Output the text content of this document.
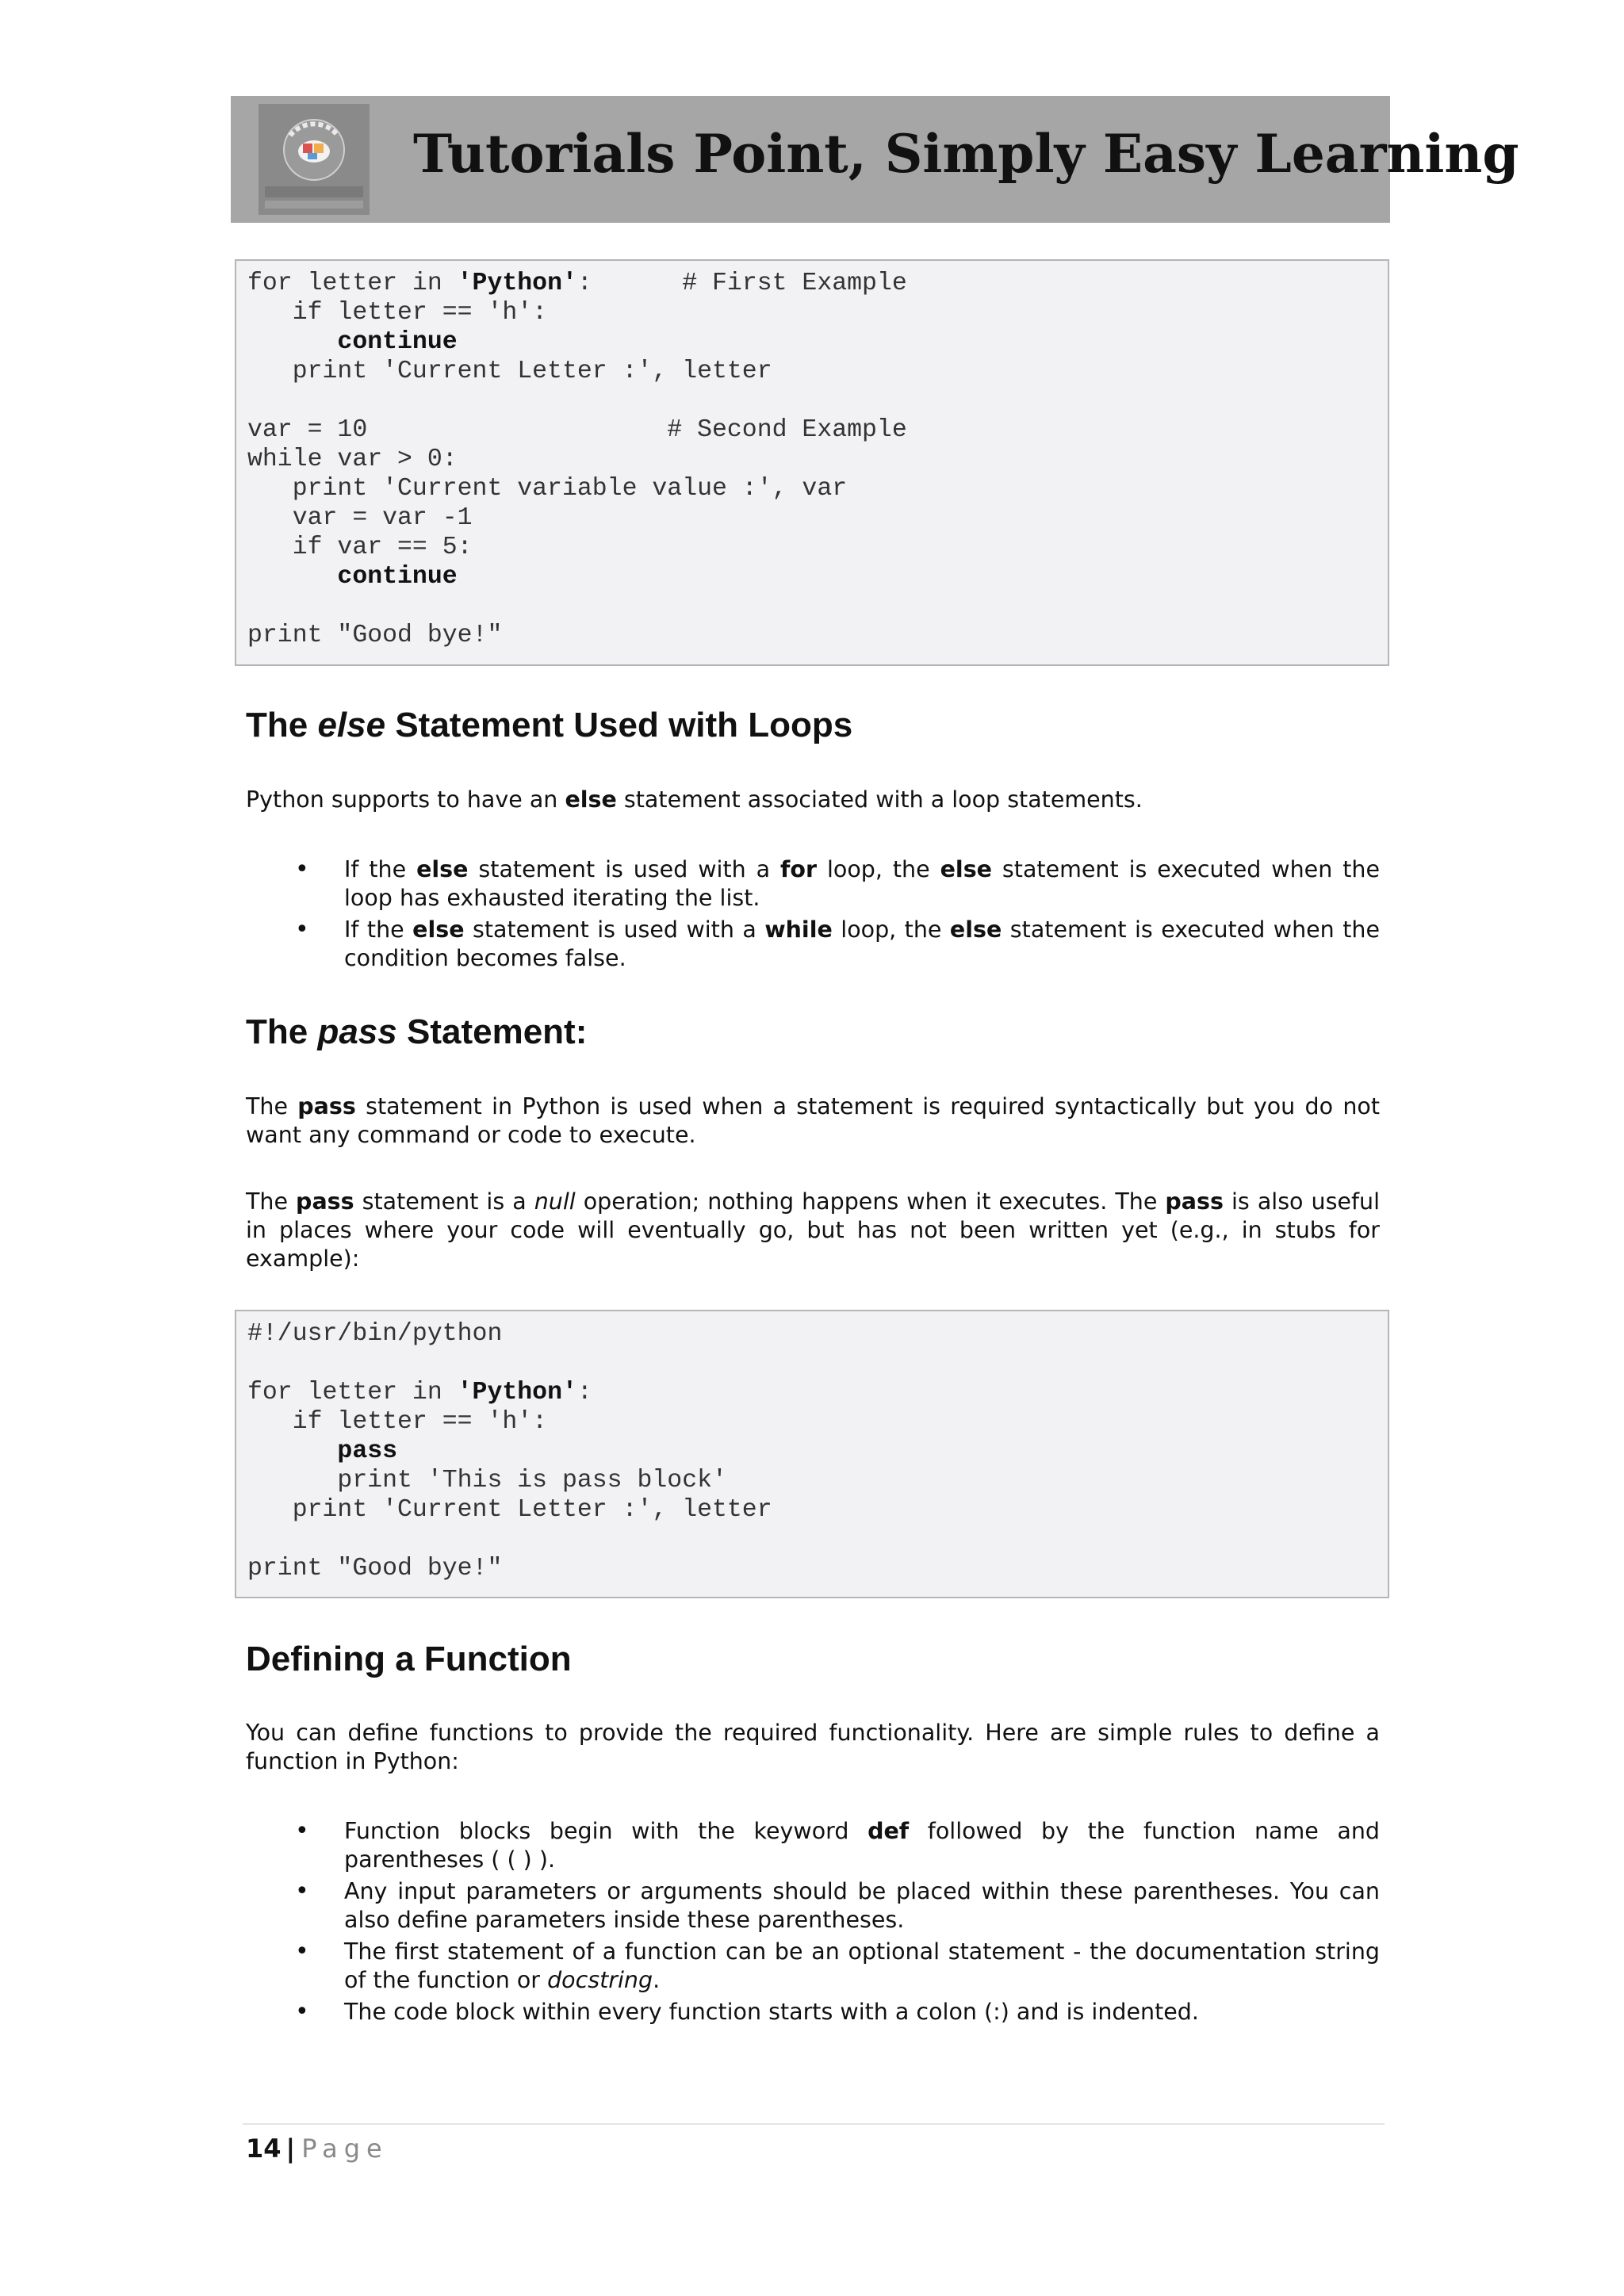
Tutorials Point, Simply Easy Learning
for letter in 'Python':      # First Example
if letter == 'h':
continue
print 'Current Letter :', letter
var = 10                    # Second Example
while var > 0:
print 'Current variable value :', var
var = var -1
if var == 5:
continue
print "Good bye!"
The else Statement Used with Loops
Python supports to have an else statement associated with a loop statements.
• If the else statement is used with a for loop, the else statement is executed when the loop has exhausted iterating the list.
• If the else statement is used with a while loop, the else statement is executed when the condition becomes false.
The pass Statement:
The pass statement in Python is used when a statement is required syntactically but you do not want any command or code to execute.
The pass statement is a null operation; nothing happens when it executes. The pass is also useful in places where your code will eventually go, but has not been written yet (e.g., in stubs for example):
#!/usr/bin/python
for letter in 'Python':
if letter == 'h':
pass
print 'This is pass block'
print 'Current Letter :', letter
print "Good bye!"
Defining a Function
You can define functions to provide the required functionality. Here are simple rules to define a function in Python:
• Function blocks begin with the keyword def followed by the function name and parentheses ( ( ) ).
• Any input parameters or arguments should be placed within these parentheses. You can also define parameters inside these parentheses.
• The first statement of a function can be an optional statement - the documentation string of the function or docstring.
• The code block within every function starts with a colon (:) and is indented.
14 | Page
